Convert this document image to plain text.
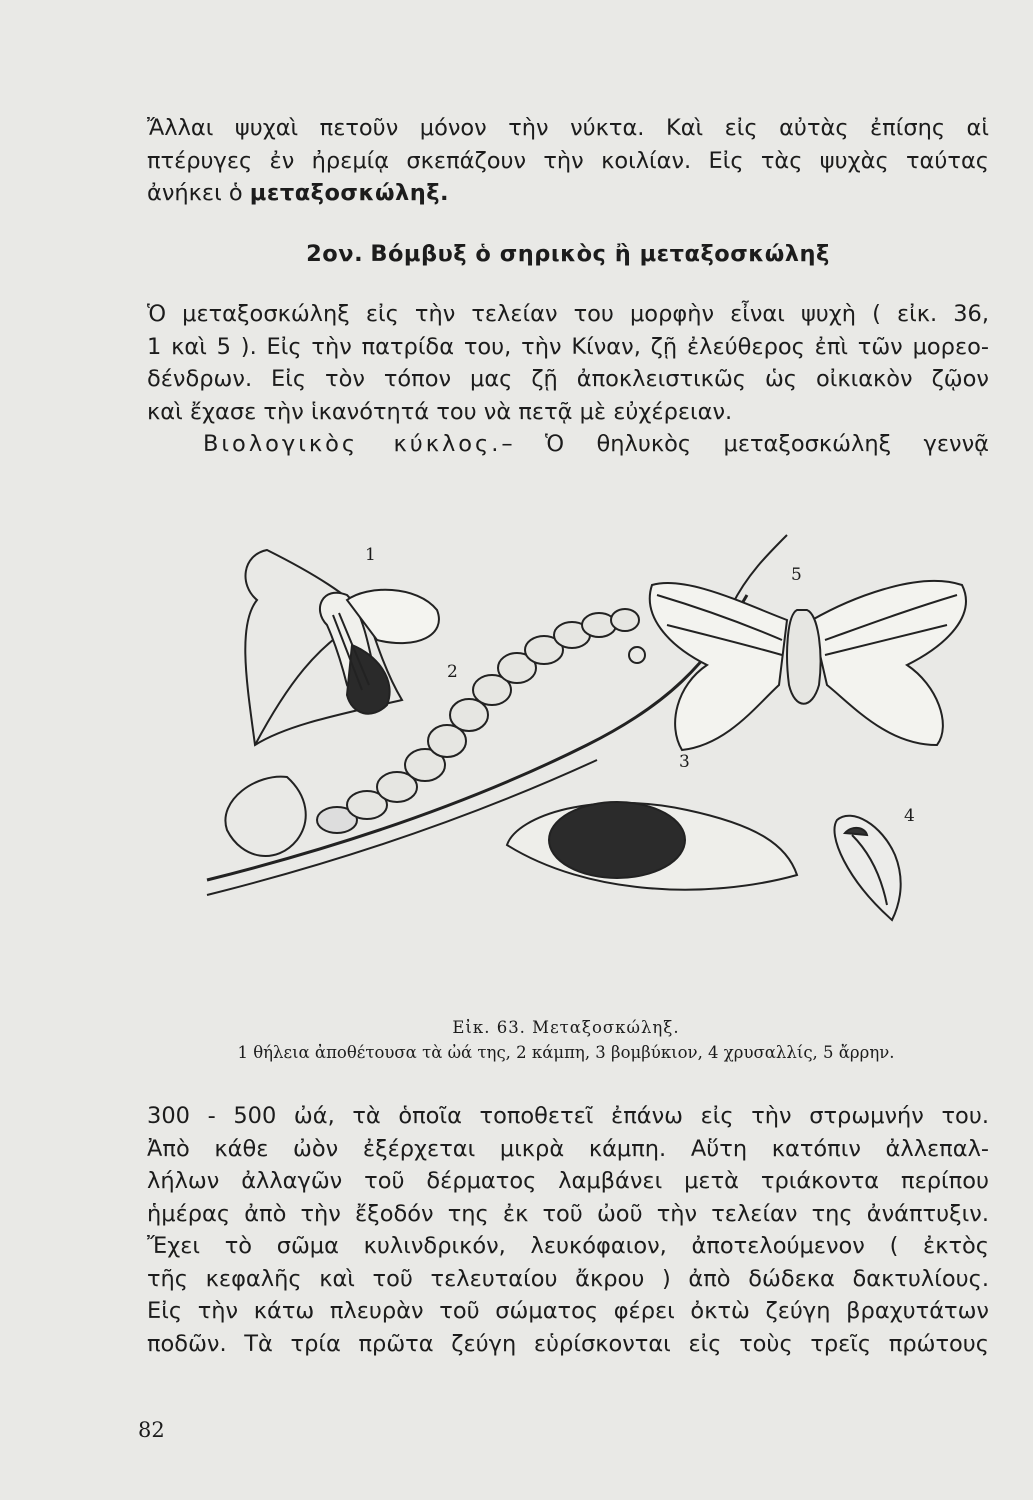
Ἄλλαι ψυχαὶ πετοῦν μόνον τὴν νύκτα. Καὶ εἰς αὐτὰς ἐπίσης αἱ
πτέρυγες ἐν ἠρεμίᾳ σκεπάζουν τὴν κοιλίαν. Εἰς τὰς ψυχὰς ταύτας
ἀνήκει ὁ μεταξοσκώληξ.
2ον. Βόμβυξ ὁ σηρικὸς ἢ μεταξοσκώληξ
Ὁ μεταξοσκώληξ εἰς τὴν τελείαν του μορφὴν εἶναι ψυχὴ ( εἰκ. 36,
1 καὶ 5 ). Εἰς τὴν πατρίδα του, τὴν Κίναν, ζῇ ἐλεύθερος ἐπὶ τῶν μορεο-
δένδρων. Εἰς τὸν τόπον μας ζῇ ἀποκλειστικῶς ὡς οἰκιακὸν ζῷον
καὶ ἔχασε τὴν ἱκανότητά του νὰ πετᾷ μὲ εὐχέρειαν.
Βιολογικὸς κύκλος.– Ὁ θηλυκὸς μεταξοσκώληξ γεννᾷ
1
2
3
4
5
Εἰκ. 63. Μεταξοσκώληξ.
1 θήλεια ἀποθέτουσα τὰ ὠά της, 2 κάμπη, 3 βομβύκιον, 4 χρυσαλλίς, 5 ἄρρην.
300 - 500 ὠά, τὰ ὁποῖα τοποθετεῖ ἐπάνω εἰς τὴν στρωμνήν του.
Ἀπὸ κάθε ὠὸν ἐξέρχεται μικρὰ κάμπη. Αὕτη κατόπιν ἀλλεπαλ-
λήλων ἀλλαγῶν τοῦ δέρματος λαμβάνει μετὰ τριάκοντα περίπου
ἡμέρας ἀπὸ τὴν ἔξοδόν της ἐκ τοῦ ὠοῦ τὴν τελείαν της ἀνάπτυξιν.
Ἔχει τὸ σῶμα κυλινδρικόν, λευκόφαιον, ἀποτελούμενον ( ἐκτὸς
τῆς κεφαλῆς καὶ τοῦ τελευταίου ἄκρου ) ἀπὸ δώδεκα δακτυλίους.
Εἰς τὴν κάτω πλευρὰν τοῦ σώματος φέρει ὀκτὼ ζεύγη βραχυτάτων
ποδῶν. Τὰ τρία πρῶτα ζεύγη εὑρίσκονται εἰς τοὺς τρεῖς πρώτους
82
